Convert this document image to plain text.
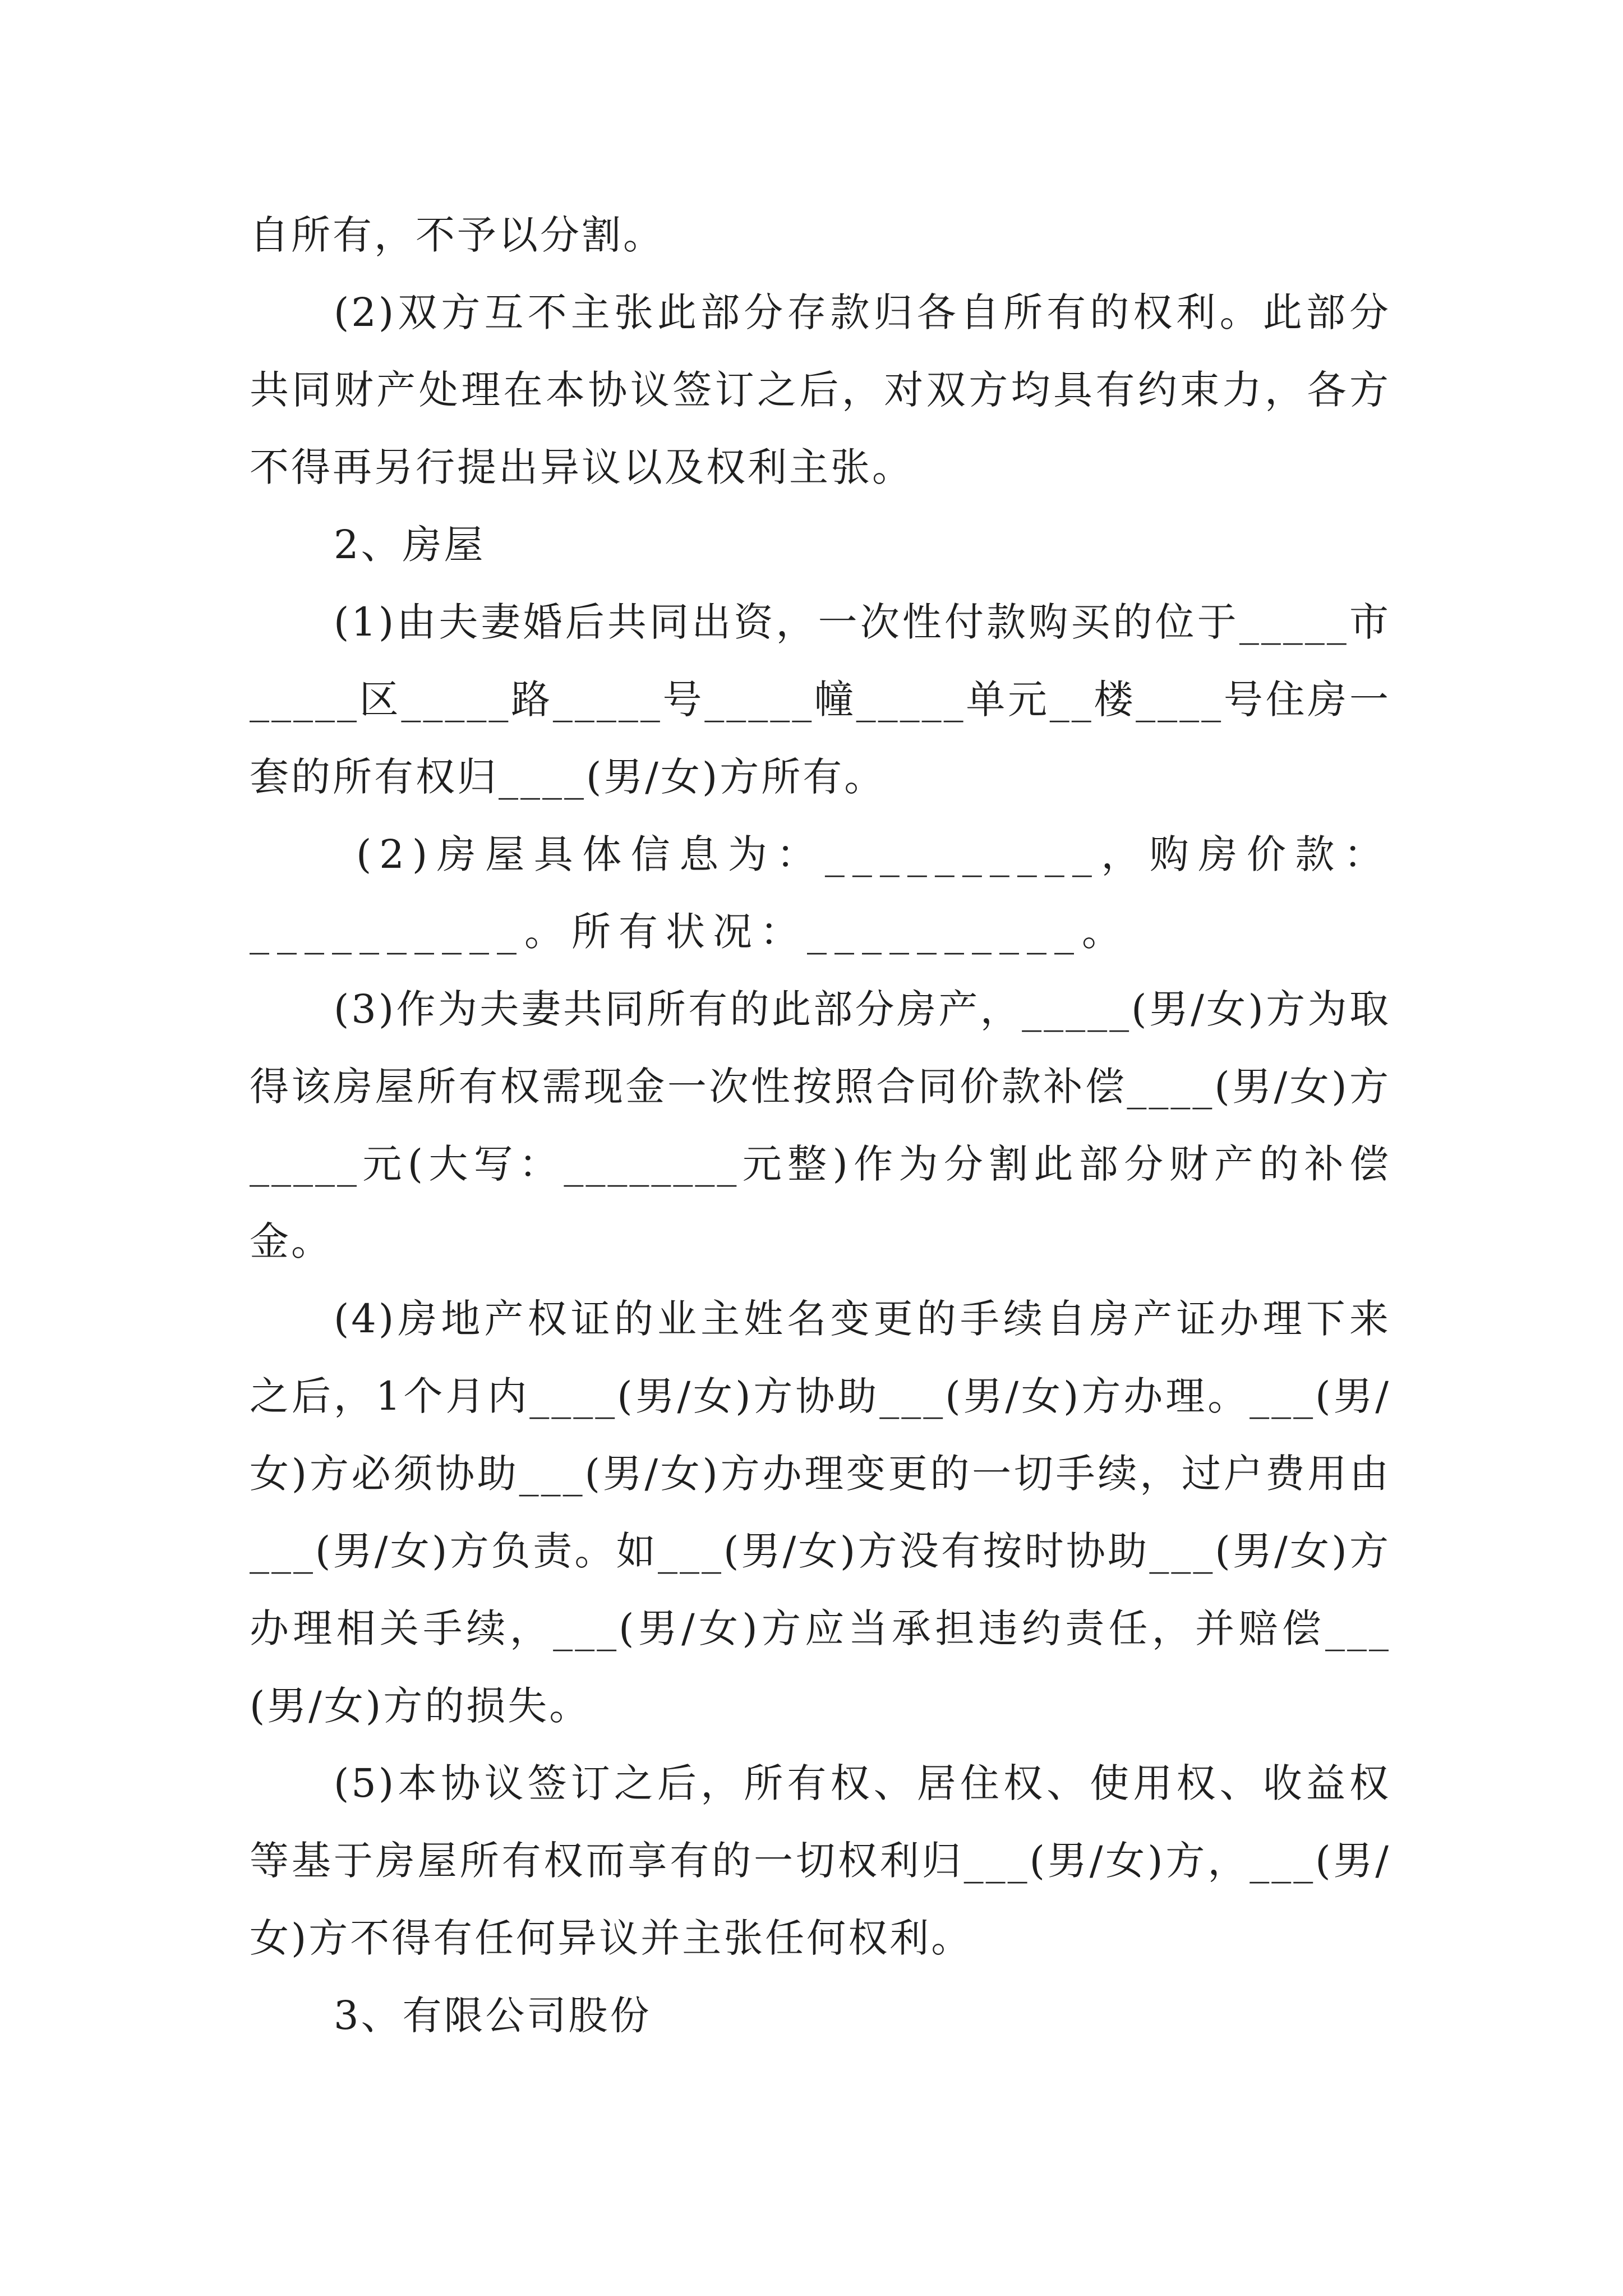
自所有，不予以分割。

(2)双方互不主张此部分存款归各自所有的权利。此部分共同财产处理在本协议签订之后，对双方均具有约束力，各方不得再另行提出异议以及权利主张。

2、房屋

(1)由夫妻婚后共同出资，一次性付款购买的位于_____市_____区_____路_____号_____幢_____单元__楼____号住房一套的所有权归____(男/女)方所有。

(2)房屋具体信息为：__________，购房价款：__________。所有状况：__________。

(3)作为夫妻共同所有的此部分房产，_____(男/女)方为取得该房屋所有权需现金一次性按照合同价款补偿____(男/女)方_____元(大写：________元整)作为分割此部分财产的补偿金。

(4)房地产权证的业主姓名变更的手续自房产证办理下来之后，1个月内____(男/女)方协助___(男/女)方办理。___(男/女)方必须协助___(男/女)方办理变更的一切手续，过户费用由___(男/女)方负责。如___(男/女)方没有按时协助___(男/女)方办理相关手续，___(男/女)方应当承担违约责任，并赔偿___(男/女)方的损失。

(5)本协议签订之后，所有权、居住权、使用权、收益权等基于房屋所有权而享有的一切权利归___(男/女)方，___(男/女)方不得有任何异议并主张任何权利。

3、有限公司股份
